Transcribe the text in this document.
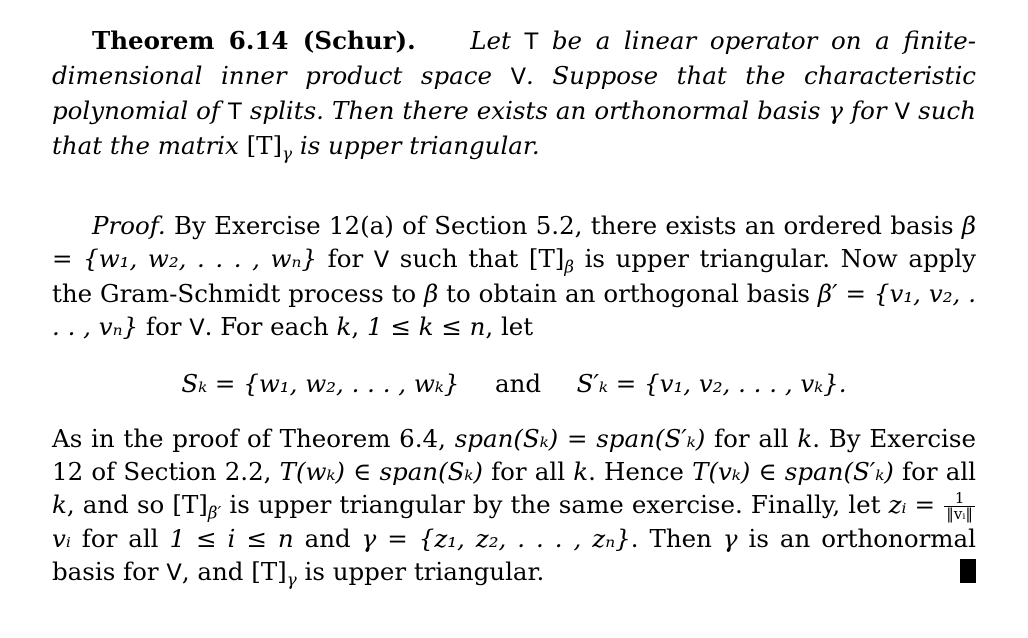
Theorem 6.14 (Schur). Let T be a linear operator on a finite-dimensional inner product space V. Suppose that the characteristic polynomial of T splits. Then there exists an orthonormal basis γ for V such that the matrix $[T]_\gamma$ is upper triangular.

Proof. By Exercise 12(a) of Section 5.2, there exists an ordered basis β = {w₁, w₂, . . . , wₙ} for V such that $[T]_\beta$ is upper triangular. Now apply the Gram-Schmidt process to β to obtain an orthogonal basis β′ = {v₁, v₂, . . . , vₙ} for V. For each k, 1 ≤ k ≤ n, let

Sₖ = {w₁, w₂, . . . , wₖ} and S′ₖ = {v₁, v₂, . . . , vₖ}.

As in the proof of Theorem 6.4, span(Sₖ) = span(S′ₖ) for all k. By Exercise 12 of Section 2.2, T(wₖ) ∈ span(Sₖ) for all k. Hence T(vₖ) ∈ span(S′ₖ) for all k, and so $[T]_{\beta'}$ is upper triangular by the same exercise. Finally, let zᵢ = $\frac{1}{\text{‖vᵢ‖}}$
vᵢ for all 1 ≤ i ≤ n and γ = {z₁, z₂, . . . , zₙ}. Then γ is an orthonormal basis for V, and $[T]_\gamma$ is upper triangular.
